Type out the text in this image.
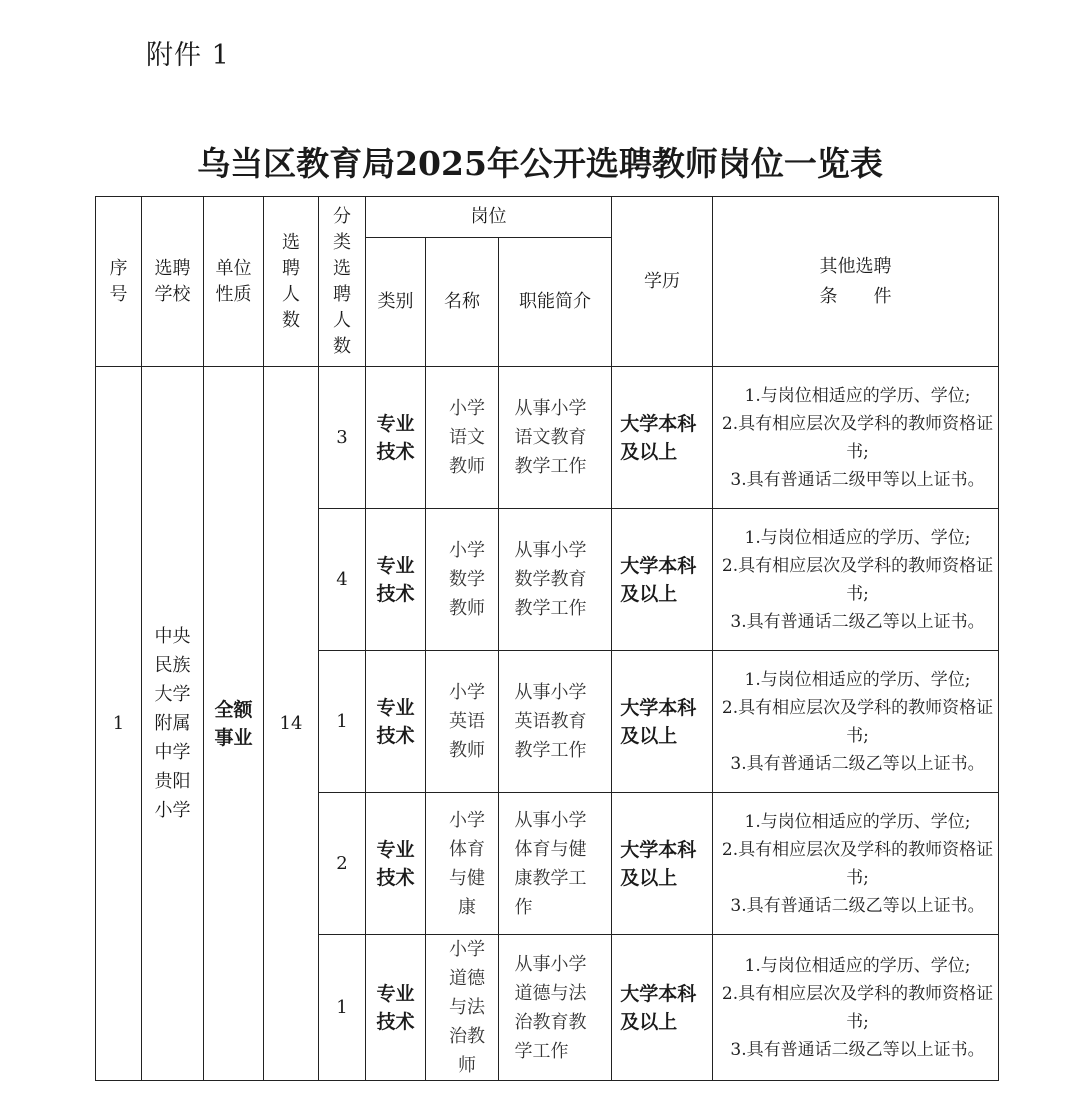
附件 1
乌当区教育局2025年公开选聘教师岗位一览表
序号	选聘学校	单位性质	选聘人数	分类选聘人数	岗位			学历	其他选聘
条　　件

					类别	名称	职能简介		
1	中央民族大学附属中学贵阳小学	全额事业	14	3	专业技术	小学语文教师	从事小学语文教育教学工作	大学本科及以上	1.与岗位相适应的学历、学位;
2.具有相应层次及学科的教师资格证书;
3.具有普通话二级甲等以上证书。

				4	专业技术	小学数学教师	从事小学数学教育教学工作	大学本科及以上	1.与岗位相适应的学历、学位;
2.具有相应层次及学科的教师资格证书;
3.具有普通话二级乙等以上证书。

				1	专业技术	小学英语教师	从事小学英语教育教学工作	大学本科及以上	1.与岗位相适应的学历、学位;
2.具有相应层次及学科的教师资格证书;
3.具有普通话二级乙等以上证书。

				2	专业技术	小学体育与健康	从事小学体育与健康教学工作	大学本科及以上	1.与岗位相适应的学历、学位;
2.具有相应层次及学科的教师资格证书;
3.具有普通话二级乙等以上证书。

				1	专业技术	小学道德与法治教师	从事小学道德与法治教育教学工作	大学本科及以上	1.与岗位相适应的学历、学位;
2.具有相应层次及学科的教师资格证书;
3.具有普通话二级乙等以上证书。
